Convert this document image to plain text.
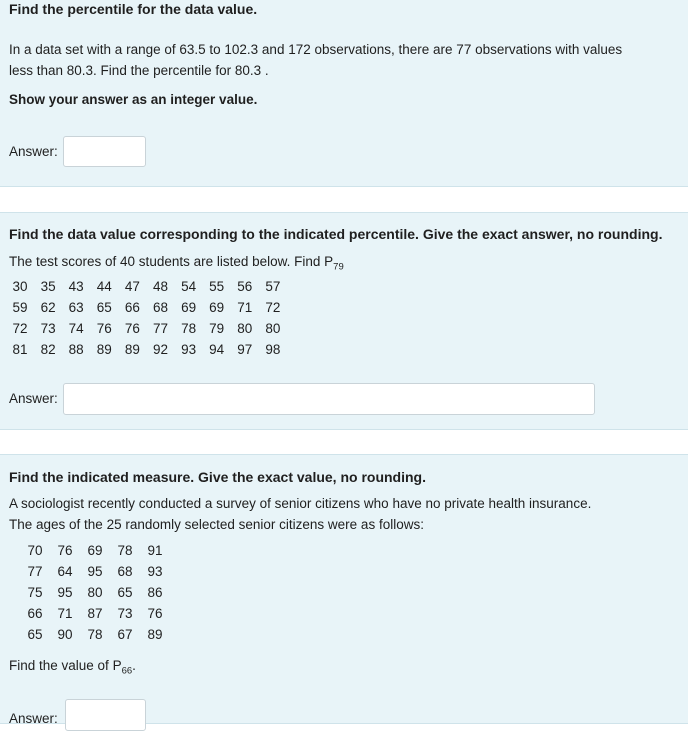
Find the percentile for the data value.

In a data set with a range of 63.5 to 102.3 and 172 observations, there are 77 observations with values

less than 80.3. Find the percentile for 80.3 .

Show your answer as an integer value.

Answer:

Find the data value corresponding to the indicated percentile. Give the exact answer, no rounding.

The test scores of 40 students are listed below. Find $P_{79}$

30 35 43 44 47 48 54 55 56 57
59 62 63 65 66 68 69 69 71 72
72 73 74 76 76 77 78 79 80 80
81 82 88 89 89 92 93 94 97 98
Answer:

Find the indicated measure. Give the exact value, no rounding.

A sociologist recently conducted a survey of senior citizens who have no private health insurance.

The ages of the 25 randomly selected senior citizens were as follows:

70 76 69 78 91
77 64 95 68 93
75 95 80 65 86
66 71 87 73 76
65 90 78 67 89

Find the value of $P_{66}$.

Answer:
